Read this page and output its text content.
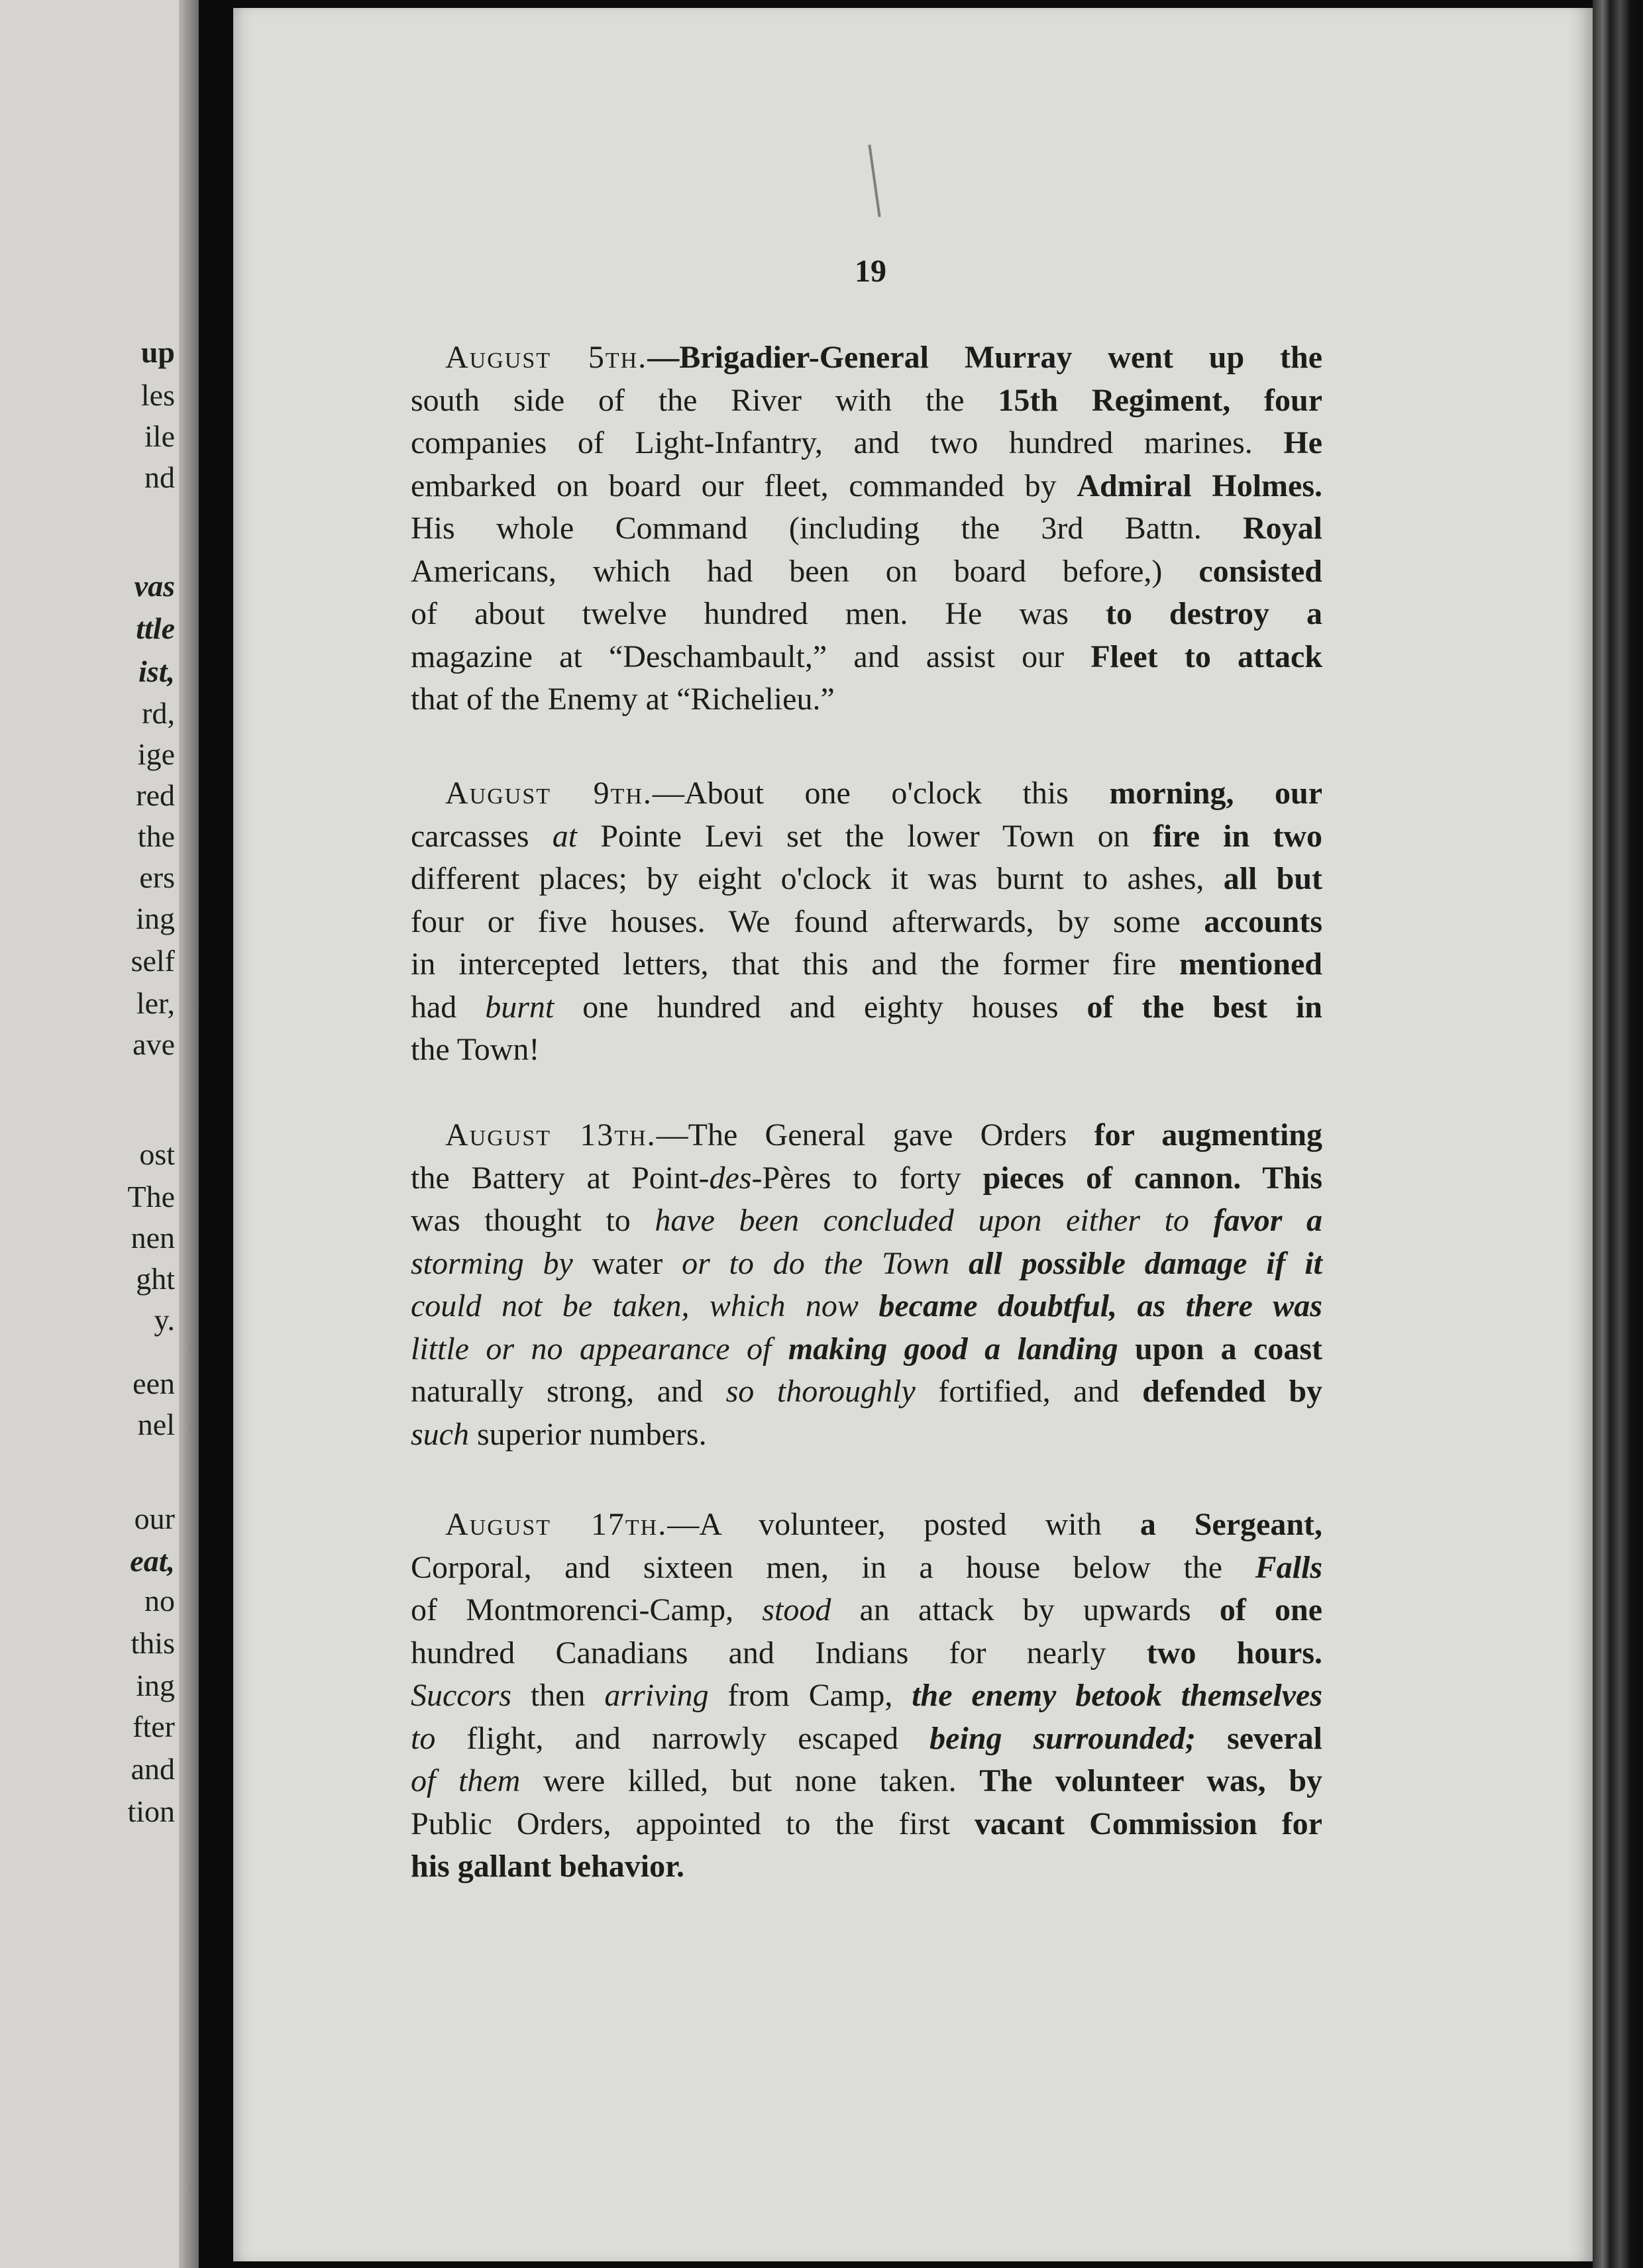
up
les
ile
nd
vas
ttle
ist,
rd,
ige
red
the
ers
ing
self
ler,
ave
ost
The
nen
ght
y.
een
nel
our
eat,
no
this
ing
fter
and
tion
19
August 5th.—Brigadier-General Murray went up the
south side of the River with the 15th Regiment, four
companies of Light-Infantry, and two hundred marines. He
embarked on board our fleet, commanded by Admiral Holmes.
His whole Command (including the 3rd Battn. Royal
Americans, which had been on board before,) consisted
of about twelve hundred men. He was to destroy a
magazine at “Deschambault,” and assist our Fleet to attack
that of the Enemy at “Richelieu.”
August 9th.—About one o'clock this morning, our
carcasses at Pointe Levi set the lower Town on fire in two
different places; by eight o'clock it was burnt to ashes, all but
four or five houses. We found afterwards, by some accounts
in intercepted letters, that this and the former fire mentioned
had burnt one hundred and eighty houses of the best in
the Town!
August 13th.—The General gave Orders for augmenting
the Battery at Point-des-Pères to forty pieces of cannon. This
was thought to have been concluded upon either to favor a
storming by water or to do the Town all possible damage if it
could not be taken, which now became doubtful, as there was
little or no appearance of making good a landing upon a coast
naturally strong, and so thoroughly fortified, and defended by
such superior numbers.
August 17th.—A volunteer, posted with a Sergeant,
Corporal, and sixteen men, in a house below the Falls
of Montmorenci-Camp, stood an attack by upwards of one
hundred Canadians and Indians for nearly two hours.
Succors then arriving from Camp, the enemy betook themselves
to flight, and narrowly escaped being surrounded; several
of them were killed, but none taken. The volunteer was, by
Public Orders, appointed to the first vacant Commission for
his gallant behavior.
